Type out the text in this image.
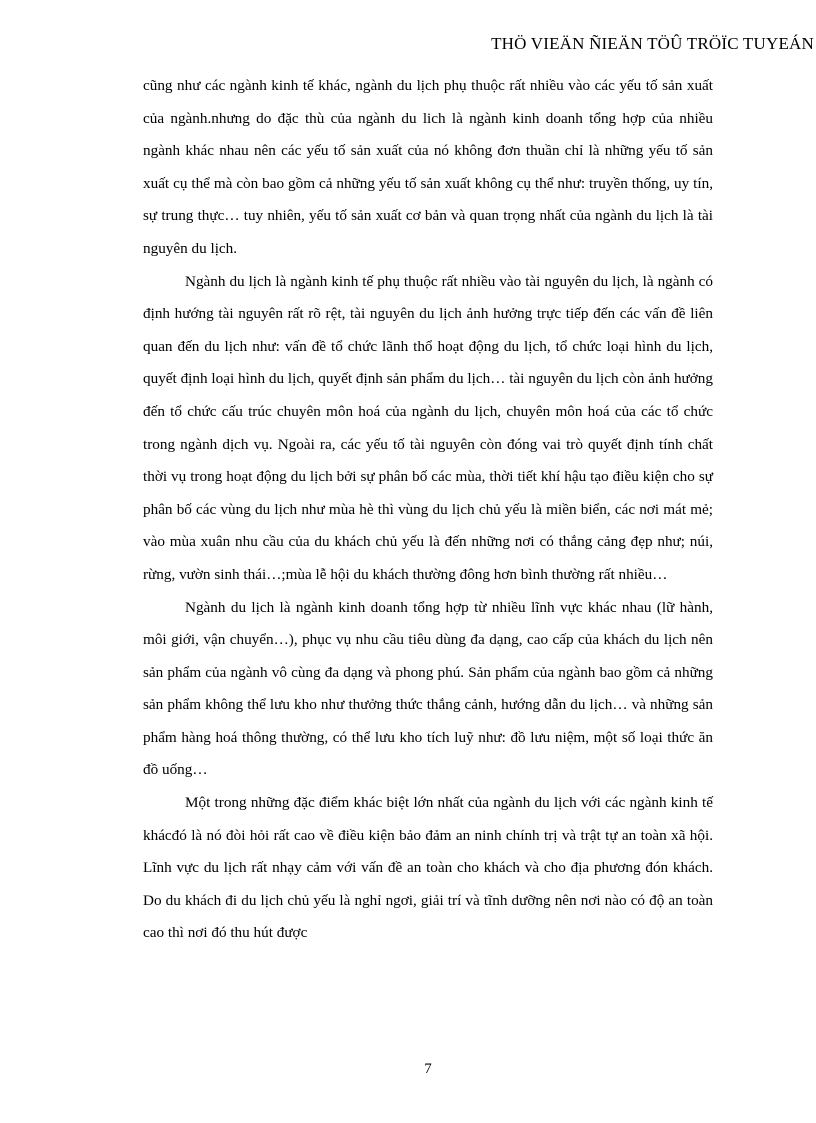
THÖ VIEÄN ÑIEÄN TÖÛ TRÖÏC TUYEÁN

cũng như các ngành kinh tế khác, ngành du lịch phụ thuộc rất nhiều vào các yếu tố sản xuất của ngành.nhưng do đặc thù của ngành du lich là ngành kinh doanh tổng hợp của nhiều ngành khác nhau nên các yếu tố sản xuất của nó không đơn thuần chỉ là những yếu tố sản xuất cụ thể mà còn bao gồm cả những yếu tố sản xuất không cụ thể như: truyền thống, uy tín, sự trung thực… tuy nhiên, yếu tố sản xuất cơ bản và quan trọng nhất của ngành du lịch là tài nguyên du lịch.

Ngành du lịch là ngành kinh tế phụ thuộc rất nhiều vào tài nguyên du lịch, là ngành có định hướng tài nguyên rất rõ rệt, tài nguyên du lịch ảnh hưởng trực tiếp đến các vấn đề liên quan đến du lịch như: vấn đề tổ chức lãnh thổ hoạt động du lịch, tổ chức loại hình du lịch, quyết định loại hình du lịch, quyết định sản phẩm du lịch… tài nguyên du lịch còn ảnh hưởng đến tổ chức cấu trúc chuyên môn hoá của ngành du lịch, chuyên môn hoá của các tổ chức trong ngành dịch vụ. Ngoài ra, các yếu tố tài nguyên còn đóng vai trò quyết định tính chất thời vụ trong hoạt động du lịch bởi sự phân bố các mùa, thời tiết khí hậu tạo điều kiện cho sự phân bố các vùng du lịch như mùa hè thì vùng du lịch chủ yếu là miền biển, các nơi mát mẻ; vào mùa xuân nhu cầu của du khách chủ yếu là đến những nơi có thắng cảng đẹp như; núi, rừng, vườn sinh thái…;mùa lễ hội du khách thường đông hơn bình thường rất nhiều…

Ngành du lịch là ngành kinh doanh tổng hợp từ nhiều lĩnh vực khác nhau (lữ hành, môi giới, vận chuyển…), phục vụ nhu cầu tiêu dùng đa dạng, cao cấp của khách du lịch nên sản phẩm của ngành vô cùng đa dạng và phong phú. Sản phẩm của ngành bao gồm cả những sản phẩm không thể lưu kho như thưởng thức thắng cảnh, hướng dẫn du lịch… và những sản phẩm hàng hoá thông thường, có thể lưu kho tích luỹ như: đồ lưu niệm, một số loại thức ăn đồ uống…

Một trong những đặc điểm khác biệt lớn nhất của ngành du lịch với các ngành kinh tế khácđó là nó đòi hỏi rất cao về điều kiện bảo đảm an ninh chính trị và trật tự an toàn xã hội. Lĩnh vực du lịch rất nhạy cảm với vấn đề an toàn cho khách và cho địa phương đón khách. Do du khách đi du lịch chủ yếu là nghỉ ngơi, giải trí và tĩnh dưỡng nên nơi nào có độ an toàn cao thì nơi đó thu hút được

7
